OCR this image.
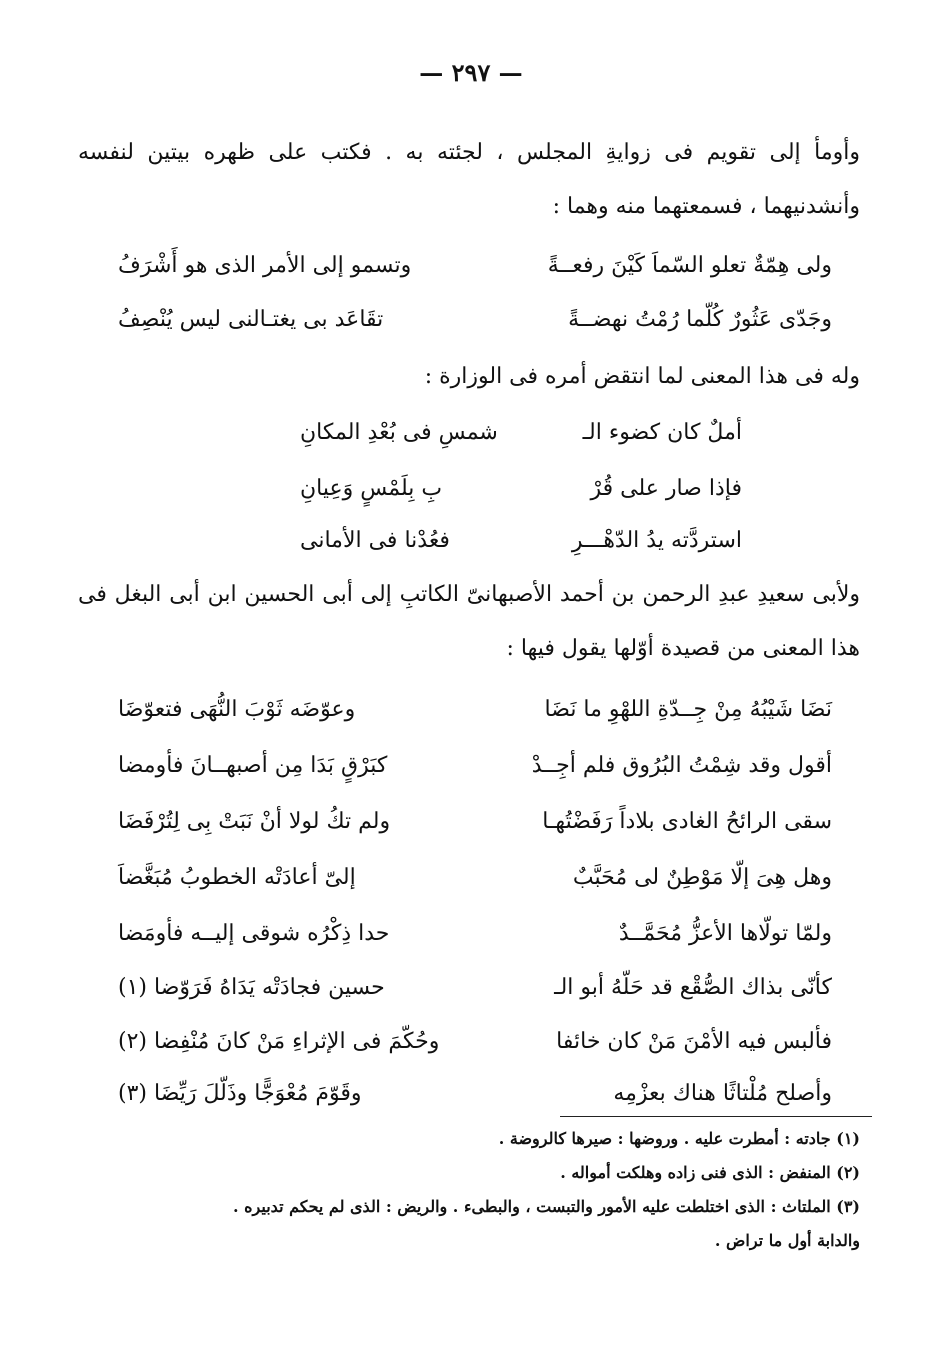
— ٢٩٧ —
وأومأ إلى تقويم فى زوايةِ المجلس ، لجئته به . فكتب على ظهره بيتين لنفسه وأنشدنيهما ، فسمعتهما منه وهما :
ولى هِمّةٌ تعلو السّماَ كَيْنَ رفعــةً
وتسمو إلى الأمر الذى هو أَشْرَفُ
وجَدّى عَثُورٌ كُلّما رُمْتُ نهضــةً
تقَاعَد بى يغتـالنى ليس يُنْصِفُ
وله فى هذا المعنى لما انتقض أمره فى الوزارة :
أملٌ كان كضوء الـ
شمسِ فى بُعْدِ المكانِ
فإذا صار على قُرْ
بِ بِلَمْسٍ وَعِيانِ
استردَّته يدُ الدّهْـــرِ
فعُدْنا فى الأمانى
ولأبى سعيدِ عبدِ الرحمن بن أحمد الأصبهانىّ الكاتبِ إلى أبى الحسين ابن أبى البغل فى هذا المعنى من قصيدة أوّلها يقول فيها :
نَضَا شَيْبُهُ مِنْ جِــدّةِ اللهْوِ ما نَضَا
وعوّضَه ثَوْبَ النُّهَى فتعوّضَا
أقول وقد شِمْتُ البُرُوق فلم أجِــدْ
كبَرْقٍ بَدَا مِن أصبهــانَ فأومضا
سقى الرائحُ الغادى بلاداً رَفَضْتُهـا
ولم تكُ لولا أنْ نَبَتْ بِى لِتُرْفَضَا
وهل هِىَ إلّا مَوْطِنٌ لى مُحَبَّبٌ
إلىّ أعادَتْه الخطوبُ مُبَغَّضاَ
ولمّا تولّاها الأعزُّ مُحَمَّــدٌ
حدا ذِكْرُه شوقى إليــه فأومَضا
كأنّى بذاك الصُّقْع قد حَلّهُ أبو الـ
حسين فجادَتْه يَدَاهُ فَرَوّضا (١)
فألبس فيه الأمْنَ مَنْ كان خائفا
وحُكّمَ فى الإثراءِ مَنْ كانَ مُنْفِضا (٢)
وأصلح مُلْتاثًا هناك بعزْمِه
وقَوّمَ مُعْوَجًّا وذَلّلَ رَيِّضَا (٣)
(١) جادته : أمطرت عليه . وروضها : صيرها كالروضة .
(٢) المنفض : الذى فنى زاده وهلكت أمواله .
(٣) الملتاث : الذى اختلطت عليه الأمور والتبست ، والبطىء . والريض : الذى لم يحكم تدبيره .
والدابة أول ما تراض .
